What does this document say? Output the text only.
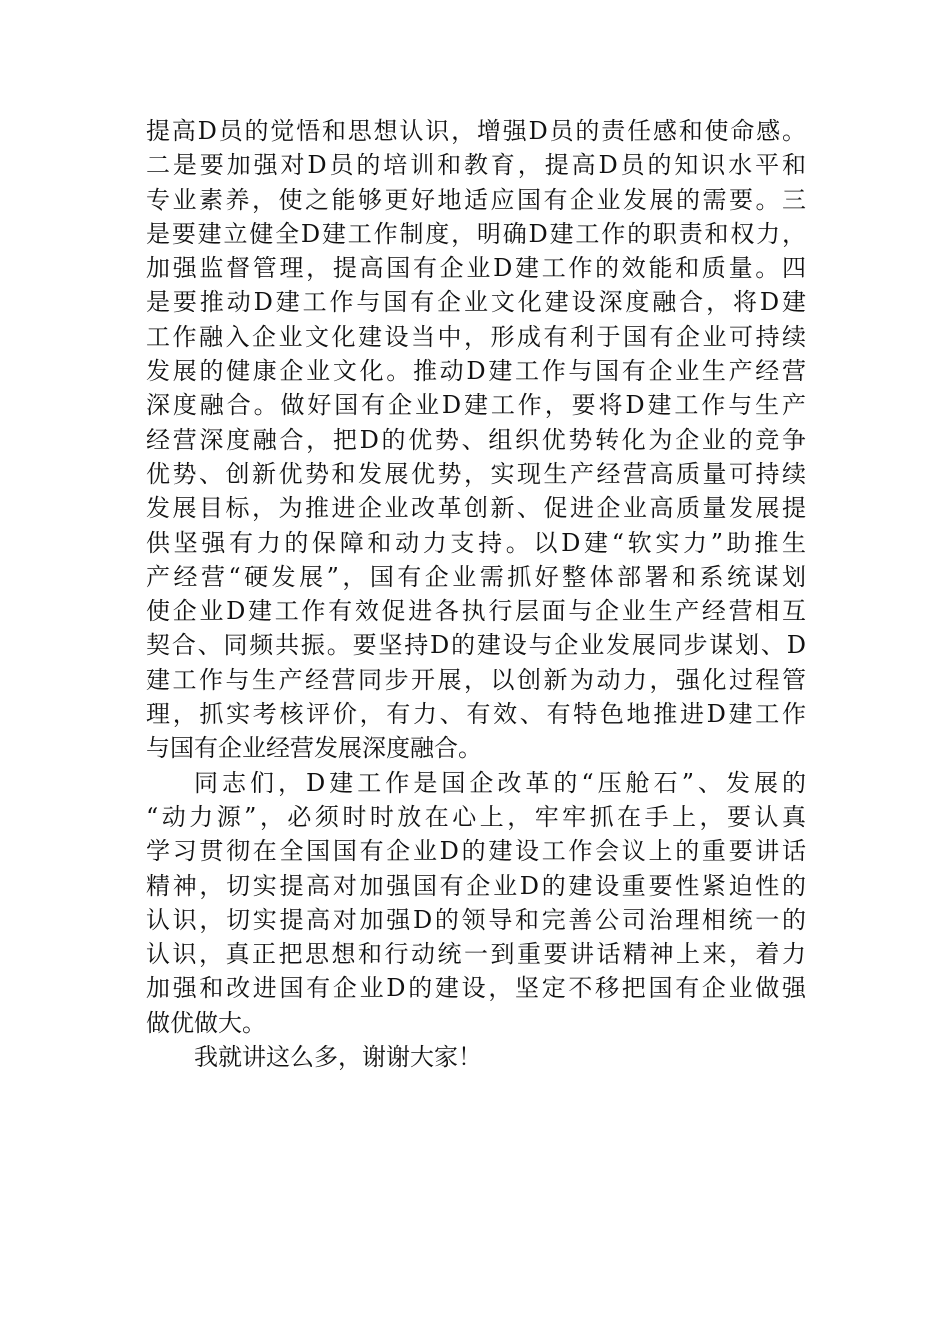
提高D员的觉悟和思想认识，增强D员的责任感和使命感。
二是要加强对D员的培训和教育，提高D员的知识水平和
专业素养，使之能够更好地适应国有企业发展的需要。三
是要建立健全D建工作制度，明确D建工作的职责和权力，
加强监督管理，提高国有企业D建工作的效能和质量。四
是要推动D建工作与国有企业文化建设深度融合，将D建
工作融入企业文化建设当中，形成有利于国有企业可持续
发展的健康企业文化。推动D建工作与国有企业生产经营
深度融合。做好国有企业D建工作，要将D建工作与生产
经营深度融合，把D的优势、组织优势转化为企业的竞争
优势、创新优势和发展优势，实现生产经营高质量可持续
发展目标，为推进企业改革创新、促进企业高质量发展提
供坚强有力的保障和动力支持。以D建“软实力”助推生
产经营“硬发展”，国有企业需抓好整体部署和系统谋划
使企业D建工作有效促进各执行层面与企业生产经营相互
契合、同频共振。要坚持D的建设与企业发展同步谋划、D
建工作与生产经营同步开展，以创新为动力，强化过程管
理，抓实考核评价，有力、有效、有特色地推进D建工作
与国有企业经营发展深度融合。
同志们，D建工作是国企改革的“压舱石”、发展的
“动力源”，必须时时放在心上，牢牢抓在手上，要认真
学习贯彻在全国国有企业D的建设工作会议上的重要讲话
精神，切实提高对加强国有企业D的建设重要性紧迫性的
认识，切实提高对加强D的领导和完善公司治理相统一的
认识，真正把思想和行动统一到重要讲话精神上来，着力
加强和改进国有企业D的建设，坚定不移把国有企业做强
做优做大。
我就讲这么多，谢谢大家！
